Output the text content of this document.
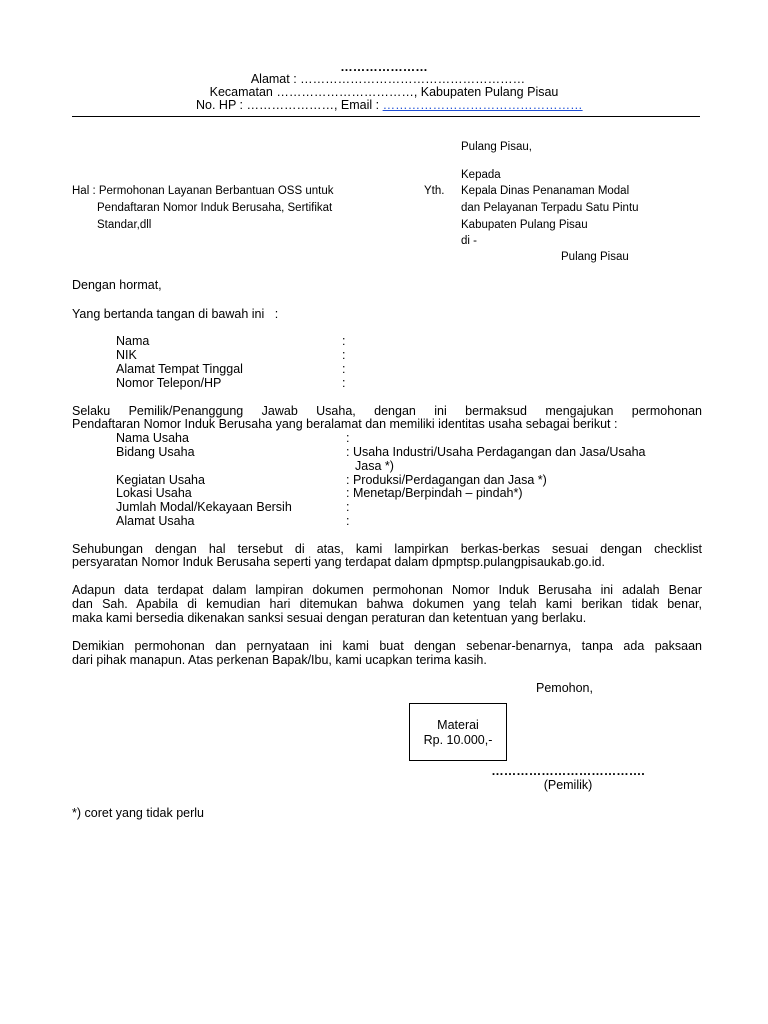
…………………
Alamat : ………………………………………………
Kecamatan ……………………………, Kabupaten Pulang Pisau
No. HP : …………………, Email : …………………………………………
Pulang Pisau,
Kepada
Hal : Permohonan Layanan Berbantuan OSS untuk
Pendaftaran Nomor Induk Berusaha, Sertifikat
Standar,dll
Yth. Kepala Dinas Penanaman Modal
dan Pelayanan Terpadu Satu Pintu
Kabupaten Pulang Pisau
di -
Pulang Pisau
Dengan hormat,
Yang bertanda tangan di bawah ini   :
Nama	:
NIK	:
Alamat Tempat Tinggal	:
Nomor Telepon/HP	:
Selaku Pemilik/Penanggung Jawab Usaha, dengan ini bermaksud mengajukan permohonan
Pendaftaran Nomor Induk Berusaha yang beralamat dan memiliki identitas usaha sebagai berikut :
Nama Usaha	:
Bidang Usaha	: Usaha Industri/Usaha Perdagangan dan Jasa/Usaha
Jasa *)
Kegiatan Usaha	: Produksi/Perdagangan dan Jasa *)
Lokasi Usaha	: Menetap/Berpindah – pindah*)
Jumlah Modal/Kekayaan Bersih	:
Alamat Usaha	:
Sehubungan dengan hal tersebut di atas, kami lampirkan berkas-berkas sesuai dengan checklist
persyaratan Nomor Induk Berusaha seperti yang terdapat dalam dpmptsp.pulangpisaukab.go.id.
Adapun data terdapat dalam lampiran dokumen permohonan Nomor Induk Berusaha ini adalah Benar
dan Sah. Apabila di kemudian hari ditemukan bahwa dokumen yang telah kami berikan tidak benar,
maka kami bersedia dikenakan sanksi sesuai dengan peraturan dan ketentuan yang berlaku.
Demikian permohonan dan pernyataan ini kami buat dengan sebenar-benarnya, tanpa ada paksaan
dari pihak manapun. Atas perkenan Bapak/Ibu, kami ucapkan terima kasih.
Pemohon,
Materai
Rp. 10.000,-
……………………………….
(Pemilik)
*) coret yang tidak perlu
